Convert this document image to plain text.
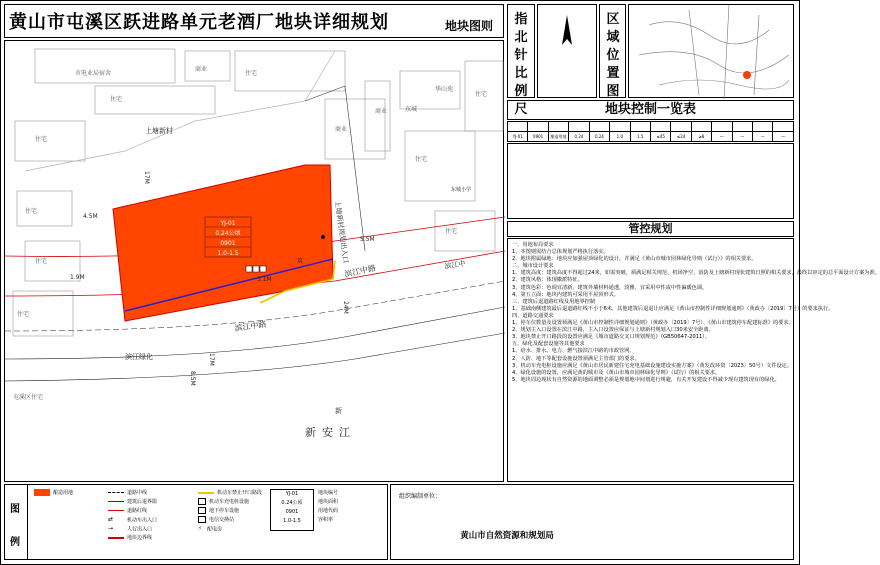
黄山市屯溪区跃进路单元老酒厂地块详细规划	地块图则
市电业局宿舍
上塘新村
上塘新村规划出入口
滨江中路
滨江中路
滨江绿化
新安江
东城小学
屯溪区住宅
滨江中
新
17M
17M
4.5M
1.9M	3.1M
5.5M
24M
8.5M
筑
东城
华山苑
住宅
住宅
商业
住宅
住宅
住宅
住宅
商业
商业
住宅
住宅
住宅
YJ-01
0.24公顷
0901
1.0-1.5
指北针比例尺
区域位置图
地块控制一览表

YJ-01	0901	酿造用地	0.24	0.24	1.0	1.5	≤45	≤24	≥8	—	—	—	—
管控规划
一、用地布局要求
1、本图则需结合总体规划严格执行落实。
2、地块附属绿地：地块应加强屋顶绿化的设计，并满足《黄山市城市园林绿化导则（试行）》的相关要求。
二、城市设计要求
1、建筑高度：建筑高度不得超过24米，如需突破，须满足相关规范、机场净空、消防及上塘新村现状建筑日照的相关要求，最终以审定的总平面设计方案为准。
2、建筑风格：体现徽派特征。
3、建筑色彩：色调宜清新、建筑外墙材料通透、淡雅，宜采用中性或中性偏暖色调。
4、第五立面：地块内建筑可采用平屋顶形式。
三、建筑后退道路红线及用地界控制
1、基础南侧建筑最后退道路红线不小于6米，其他建筑后退退让应满足《黄山市控制性详细规划通则》（黄政办〔2019〕7号）的要求执行。
四、道路交通要求
1、停车位数量及设置须满足《黄山市控制性详细规划通则》（黄政办〔2019〕7号）、《黄山市建筑停车配建标准》的要求。
2、规划主入口设置在滨江中路，主入口设置应保证与上塘新村规划入口30米安全距离。
3、地块禁止开口路段的设置应满足《城市道路交叉口规划规范》（GB50647-2011）。
五、绿化及配套设施等其他要求
1、给水、排水、电力、燃气接滨江中路的市政管网。
2、人防、地下等配套设施设置须满足主管部门的要求。
3、机动车充电桩设施应满足《黄山市居民新建住宅充电基础设施建设实施方案》（黄发改环资〔2023〕50号）文件设定。
4、绿化设施的设置，应满足黄的城市及《黄山市城市园林绿化导则》（试行）的相关要求。
5、地块周边现状有自然资源的地面调整必须是规划地中间划进行规避，有关开发建设不得减少现有建筑现有的绿化。
图例
酿造用地	道路中线
建筑后退界限
道路红线
⇄	机动车出入口
→	人行出入口
地块边界线
机动车禁止开口路段
机动车充电桩设施
地下停车设施
电信交换站
⚡ 配电房
YJ-01
0.24公顷
0901
1.0-1.5
地块编号
地块面积
用地代码
容积率
组织编制单位：
黄山市自然资源和规划局
